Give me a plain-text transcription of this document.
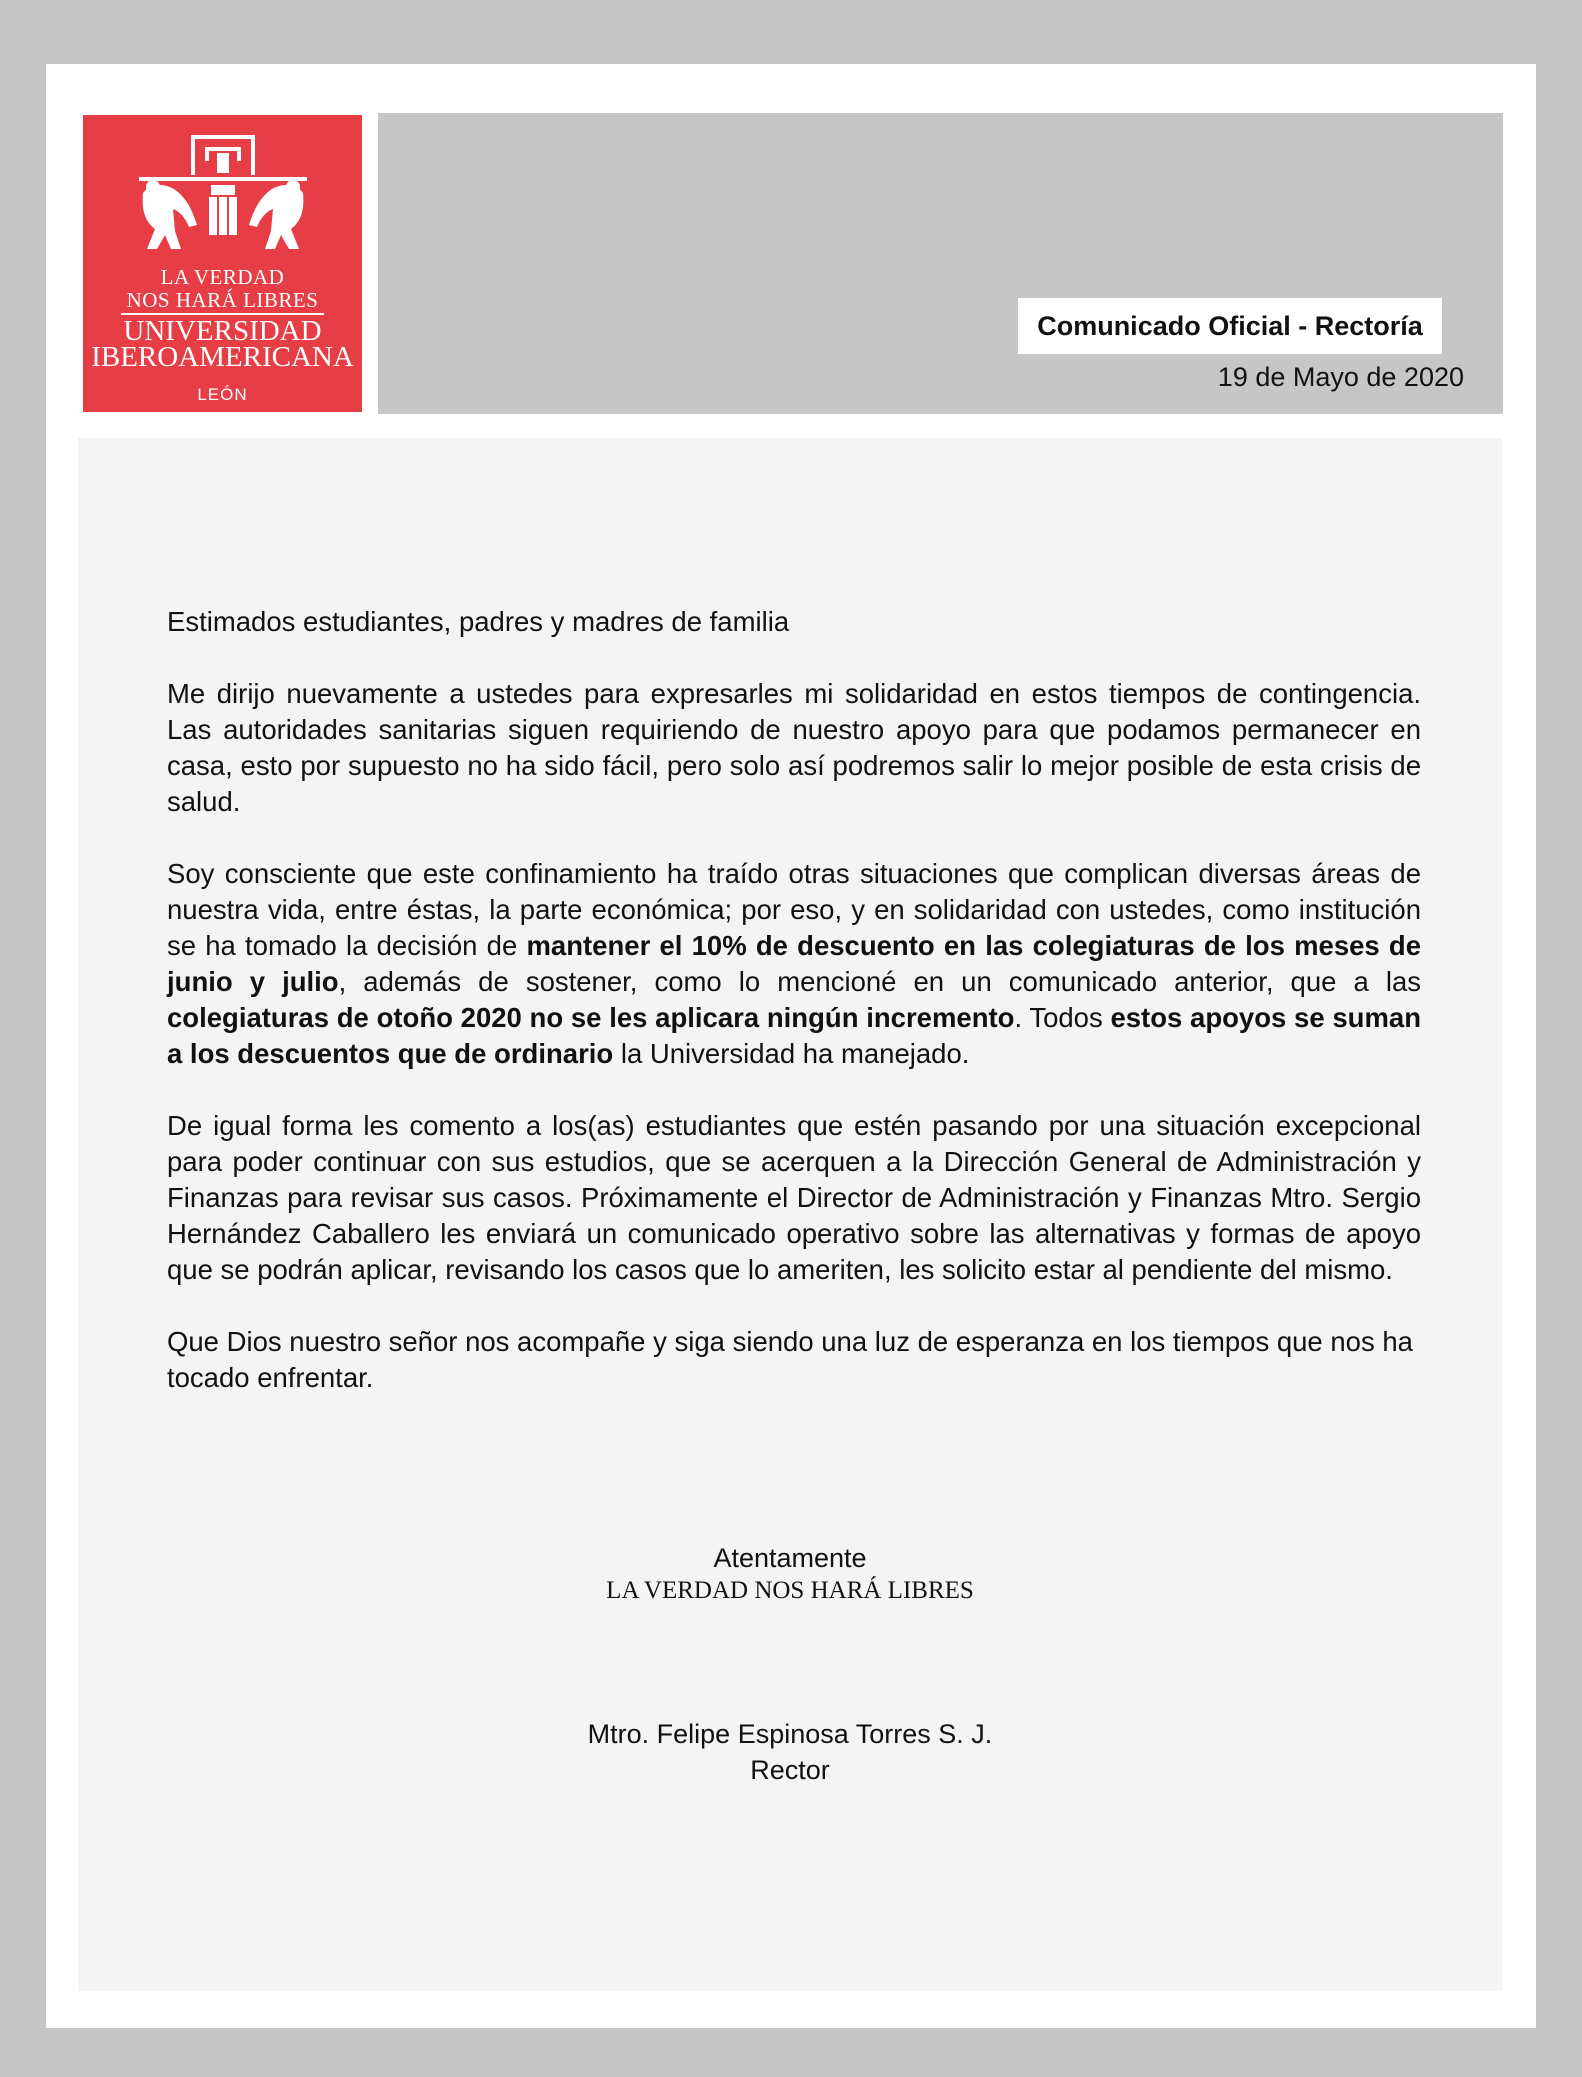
LA VERDAD
NOS HARÁ LIBRES
UNIVERSIDAD
IBEROAMERICANA
LEÓN
Comunicado Oficial - Rectoría
19 de Mayo de 2020

Estimados estudiantes, padres y madres de familia

Me dirijo nuevamente a ustedes para expresarles mi solidaridad en estos tiempos de contingencia. Las autoridades sanitarias siguen requiriendo de nuestro apoyo para que podamos permanecer en casa, esto por supuesto no ha sido fácil, pero solo así podremos salir lo mejor posible de esta crisis de salud.

Soy consciente que este confinamiento ha traído otras situaciones que complican diversas áreas de nuestra vida, entre éstas, la parte económica; por eso, y en solidaridad con ustedes, como institución se ha tomado la decisión de mantener el 10% de descuento en las colegiaturas de los meses de junio y julio, además de sostener, como lo mencioné en un comunicado anterior, que a las colegiaturas de otoño 2020 no se les aplicara ningún incremento. Todos estos apoyos se suman a los descuentos que de ordinario la Universidad ha manejado.

De igual forma les comento a los(as) estudiantes que estén pasando por una situación excepcional para poder continuar con sus estudios, que se acerquen a la Dirección General de Administración y Finanzas para revisar sus casos. Próximamente el Director de Administración y Finanzas Mtro. Sergio Hernández Caballero les enviará un comunicado operativo sobre las alternativas y formas de apoyo que se podrán aplicar, revisando los casos que lo ameriten, les solicito estar al pendiente del mismo.

Que Dios nuestro señor nos acompañe y siga siendo una luz de esperanza en los tiempos que nos ha tocado enfrentar.

Atentamente
LA VERDAD NOS HARÁ LIBRES
Mtro. Felipe Espinosa Torres S. J.
Rector
